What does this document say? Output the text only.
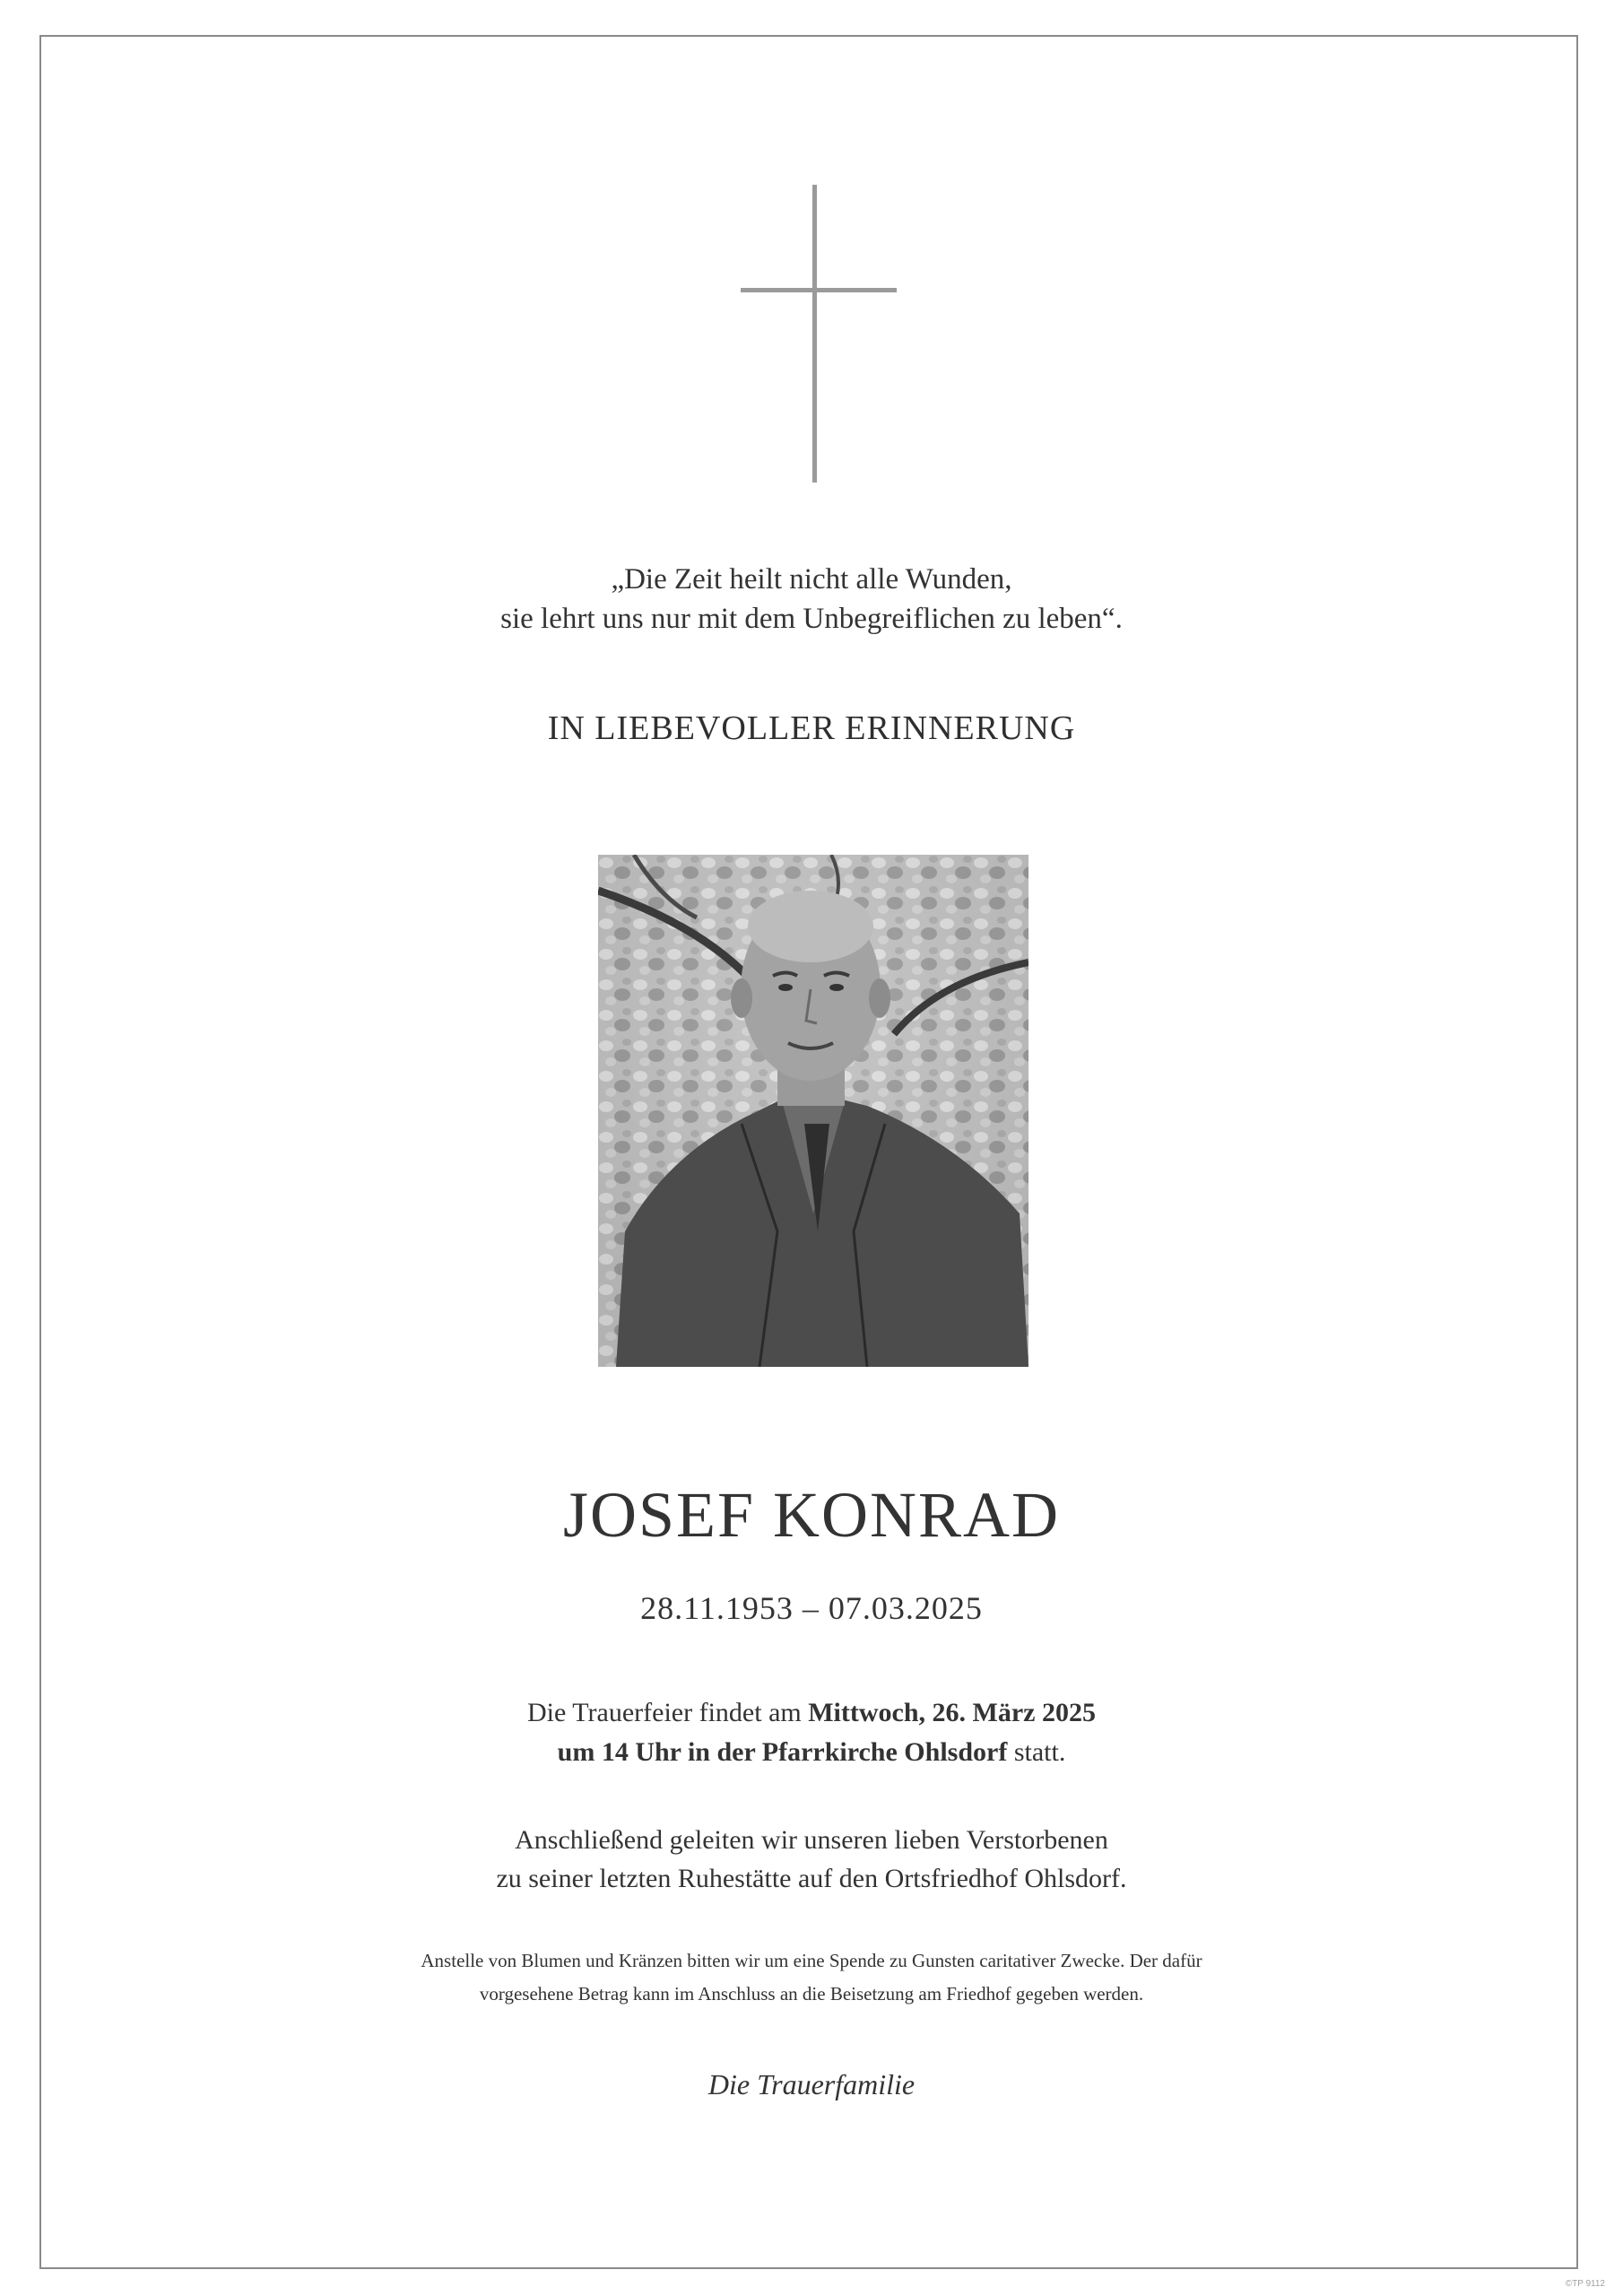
„Die Zeit heilt nicht alle Wunden,
sie lehrt uns nur mit dem Unbegreiflichen zu leben“.

IN LIEBEVOLLER ERINNERUNG

JOSEF KONRAD

28.11.1953 – 07.03.2025

Die Trauerfeier findet am Mittwoch, 26. März 2025
um 14 Uhr in der Pfarrkirche Ohlsdorf statt.

Anschließend geleiten wir unseren lieben Verstorbenen
zu seiner letzten Ruhestätte auf den Ortsfriedhof Ohlsdorf.

Anstelle von Blumen und Kränzen bitten wir um eine Spende zu Gunsten caritativer Zwecke. Der dafür
vorgesehene Betrag kann im Anschluss an die Beisetzung am Friedhof gegeben werden.

Die Trauerfamilie

©TP 9112
